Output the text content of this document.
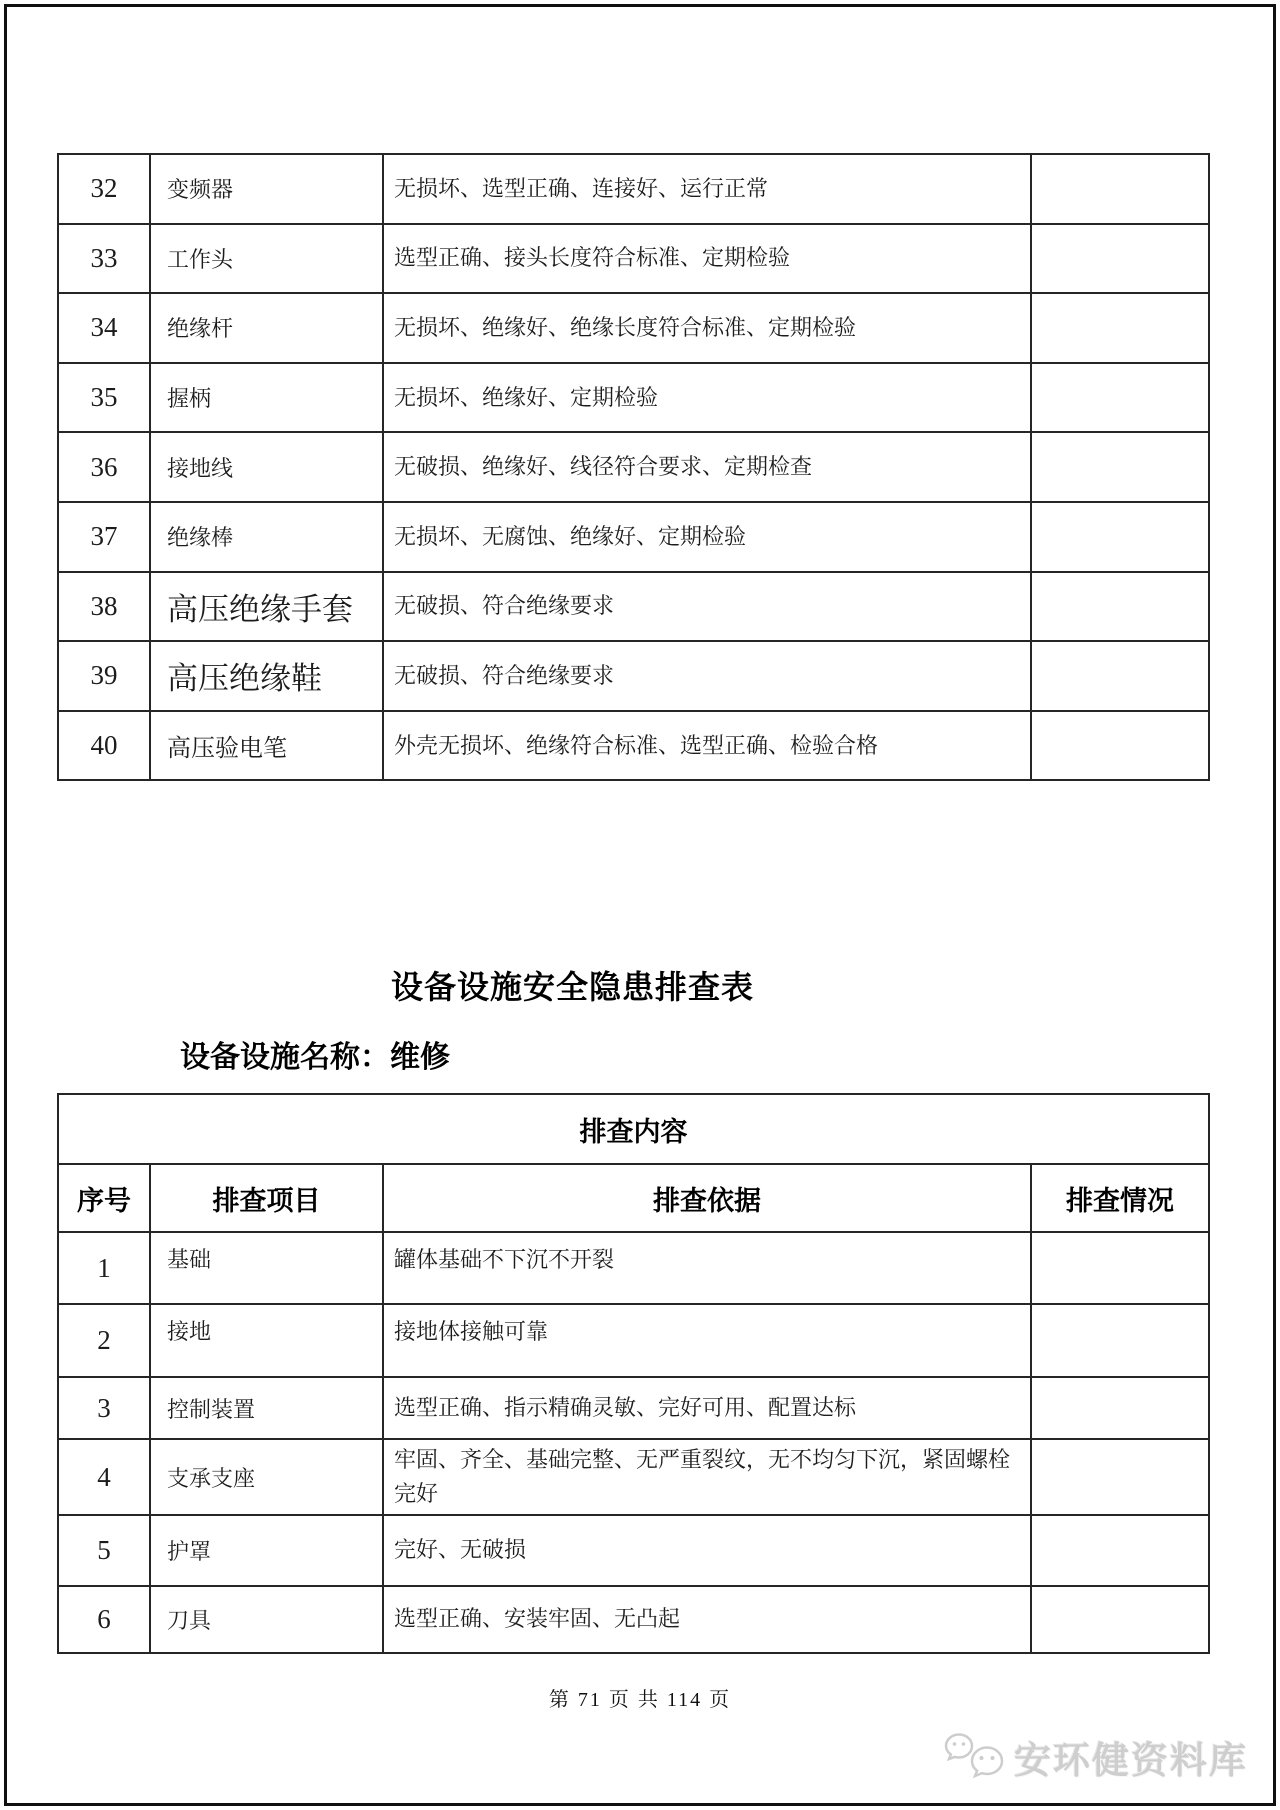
32	变频器	无损坏、选型正确、连接好、运行正常	
33	工作头	选型正确、接头长度符合标准、定期检验	
34	绝缘杆	无损坏、绝缘好、绝缘长度符合标准、定期检验	
35	握柄	无损坏、绝缘好、定期检验	
36	接地线	无破损、绝缘好、线径符合要求、定期检查	
37	绝缘棒	无损坏、无腐蚀、绝缘好、定期检验	
38	高压绝缘手套	无破损、符合绝缘要求	
39	高压绝缘鞋	无破损、符合绝缘要求	
40	高压验电笔	外壳无损坏、绝缘符合标准、选型正确、检验合格	
设备设施安全隐患排查表
设备设施名称：维修
排查内容			
序号	排查项目	排查依据	排查情况
1	基础	罐体基础不下沉不开裂	
2	接地	接地体接触可靠	
3	控制装置	选型正确、指示精确灵敏、完好可用、配置达标	
4	支承支座	牢固、齐全、基础完整、无严重裂纹，无不均匀下沉，紧固螺栓完好	
5	护罩	完好、无破损	
6	刀具	选型正确、安装牢固、无凸起	
第 71 页 共 114 页
安环健资料库
